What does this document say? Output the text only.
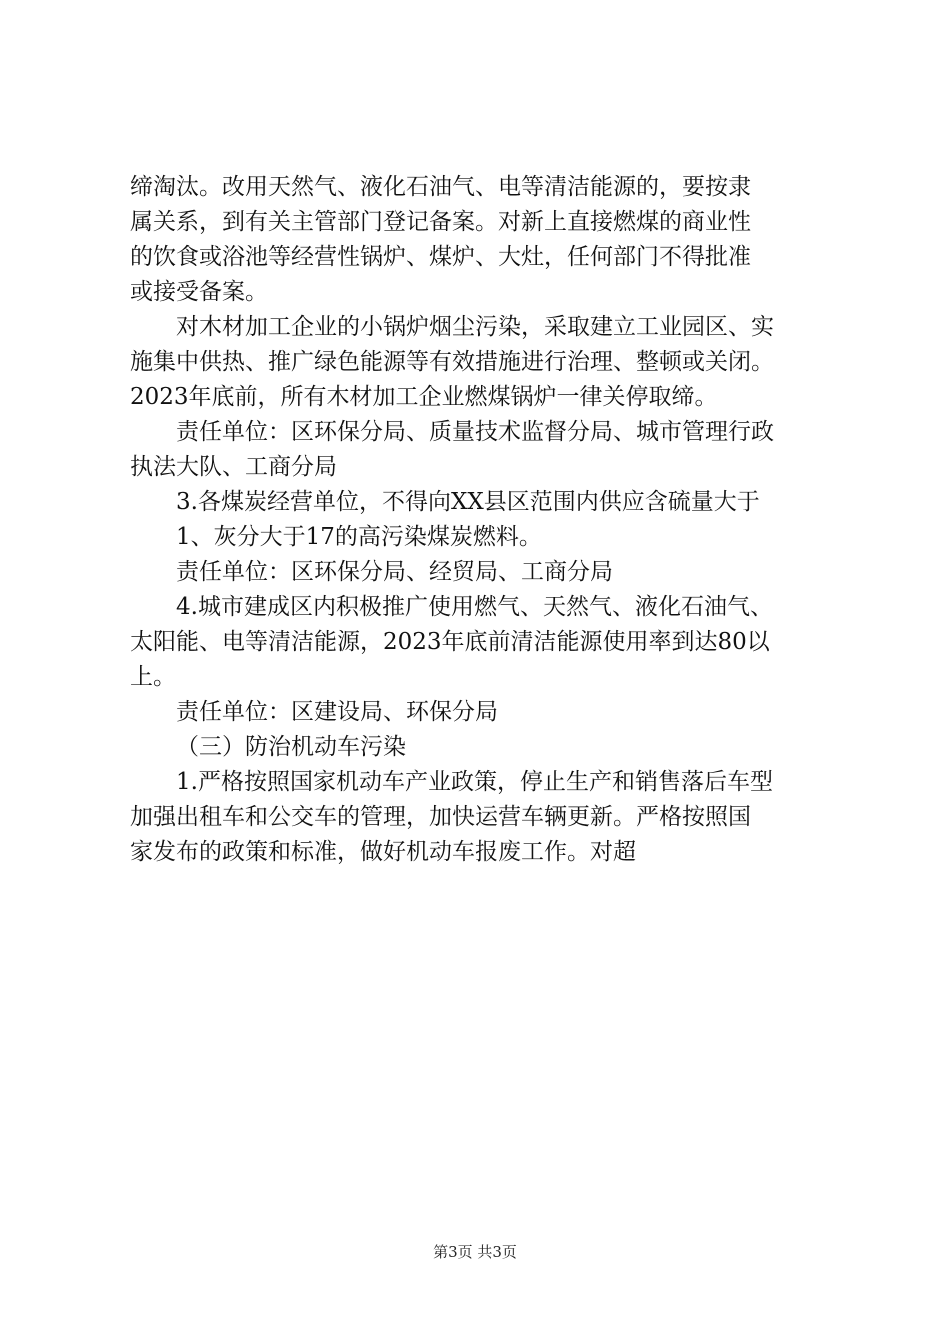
缔淘汰。改用天然气、液化石油气、电等清洁能源的，要按隶
属关系，到有关主管部门登记备案。对新上直接燃煤的商业性
的饮食或浴池等经营性锅炉、煤炉、大灶，任何部门不得批准
或接受备案。
对木材加工企业的小锅炉烟尘污染，采取建立工业园区、实
施集中供热、推广绿色能源等有效措施进行治理、整顿或关闭。
2023年底前，所有木材加工企业燃煤锅炉一律关停取缔。
责任单位：区环保分局、质量技术监督分局、城市管理行政
执法大队、工商分局
3.各煤炭经营单位，不得向XX县区范围内供应含硫量大于
1、灰分大于17的高污染煤炭燃料。
责任单位：区环保分局、经贸局、工商分局
4.城市建成区内积极推广使用燃气、天然气、液化石油气、
太阳能、电等清洁能源，2023年底前清洁能源使用率到达80以
上。
责任单位：区建设局、环保分局
（三）防治机动车污染
1.严格按照国家机动车产业政策，停止生产和销售落后车型
加强出租车和公交车的管理，加快运营车辆更新。严格按照国
家发布的政策和标准，做好机动车报废工作。对超
第3页 共3页
